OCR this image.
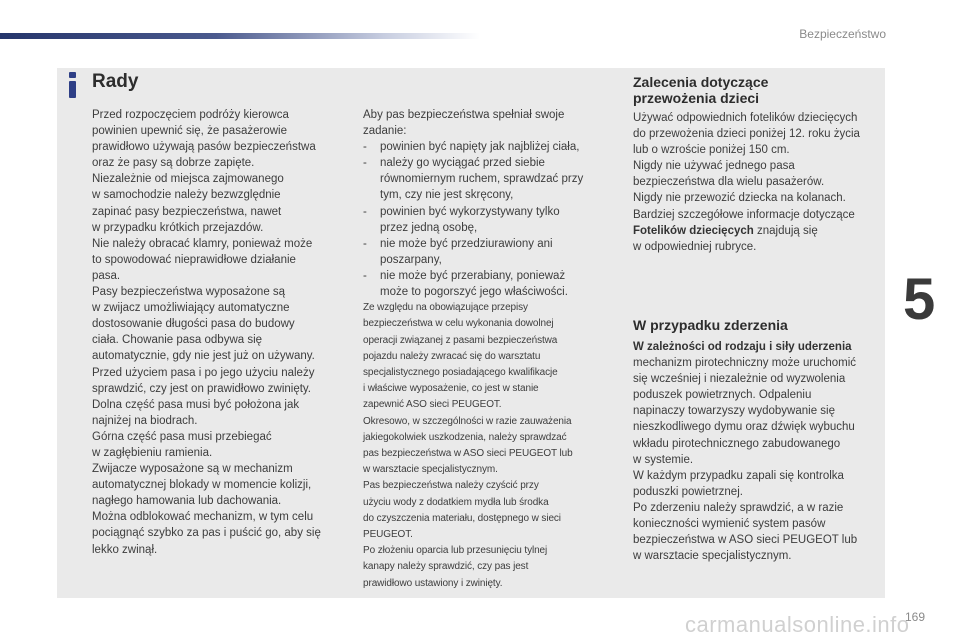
Bezpieczeństwo
Rady

Przed rozpoczęciem podróży kierowca

powinien upewnić się, że pasażerowie

prawidłowo używają pasów bezpieczeństwa

oraz że pasy są dobrze zapięte.

Niezależnie od miejsca zajmowanego

w samochodzie należy bezwzględnie

zapinać pasy bezpieczeństwa, nawet

w przypadku krótkich przejazdów.

Nie należy obracać klamry, ponieważ może

to spowodować nieprawidłowe działanie

pasa.

Pasy bezpieczeństwa wyposażone są

w zwijacz umożliwiający automatyczne

dostosowanie długości pasa do budowy

ciała. Chowanie pasa odbywa się

automatycznie, gdy nie jest już on używany.

Przed użyciem pasa i po jego użyciu należy

sprawdzić, czy jest on prawidłowo zwinięty.

Dolna część pasa musi być położona jak

najniżej na biodrach.

Górna część pasa musi przebiegać

w zagłębieniu ramienia.

Zwijacze wyposażone są w mechanizm

automatycznej blokady w momencie kolizji,

nagłego hamowania lub dachowania.

Można odblokować mechanizm, w tym celu

pociągnąć szybko za pas i puścić go, aby się

lekko zwinął.

Aby pas bezpieczeństwa spełniał swoje

zadanie:

-	powinien być napięty jak najbliżej ciała,
-	należy go wyciągać przed siebie
równomiernym ruchem, sprawdzać przy
tym, czy nie jest skręcony,
-	powinien być wykorzystywany tylko
przez jedną osobę,
-	nie może być przedziurawiony ani
poszarpany,
-	nie może być przerabiany, ponieważ
może to pogorszyć jego właściwości.

Ze względu na obowiązujące przepisy

bezpieczeństwa w celu wykonania dowolnej

operacji związanej z pasami bezpieczeństwa

pojazdu należy zwracać się do warsztatu

specjalistycznego posiadającego kwalifikacje

i właściwe wyposażenie, co jest w stanie

zapewnić ASO sieci PEUGEOT.

Okresowo, w szczególności w razie zauważenia

jakiegokolwiek uszkodzenia, należy sprawdzać

pas bezpieczeństwa w ASO sieci PEUGEOT lub

w warsztacie specjalistycznym.

Pas bezpieczeństwa należy czyścić przy

użyciu wody z dodatkiem mydła lub środka

do czyszczenia materiału, dostępnego w sieci

PEUGEOT.

Po złożeniu oparcia lub przesunięciu tylnej

kanapy należy sprawdzić, czy pas jest

prawidłowo ustawiony i zwinięty.

Zalecenia dotyczące
przewożenia dzieci

Używać odpowiednich fotelików dziecięcych

do przewożenia dzieci poniżej 12. roku życia

lub o wzroście poniżej 150 cm.

Nigdy nie używać jednego pasa

bezpieczeństwa dla wielu pasażerów.

Nigdy nie przewozić dziecka na kolanach.

Bardziej szczegółowe informacje dotyczące

Fotelików dziecięcych znajdują się

w odpowiedniej rubryce.

W przypadku zderzenia

W zależności od rodzaju i siły uderzenia

mechanizm pirotechniczny może uruchomić

się wcześniej i niezależnie od wyzwolenia

poduszek powietrznych. Odpaleniu

napinaczy towarzyszy wydobywanie się

nieszkodliwego dymu oraz dźwięk wybuchu

wkładu pirotechnicznego zabudowanego

w systemie.

W każdym przypadku zapali się kontrolka

poduszki powietrznej.

Po zderzeniu należy sprawdzić, a w razie

konieczności wymienić system pasów

bezpieczeństwa w ASO sieci PEUGEOT lub

w warsztacie specjalistycznym.

5
169
carmanualsonline.info
